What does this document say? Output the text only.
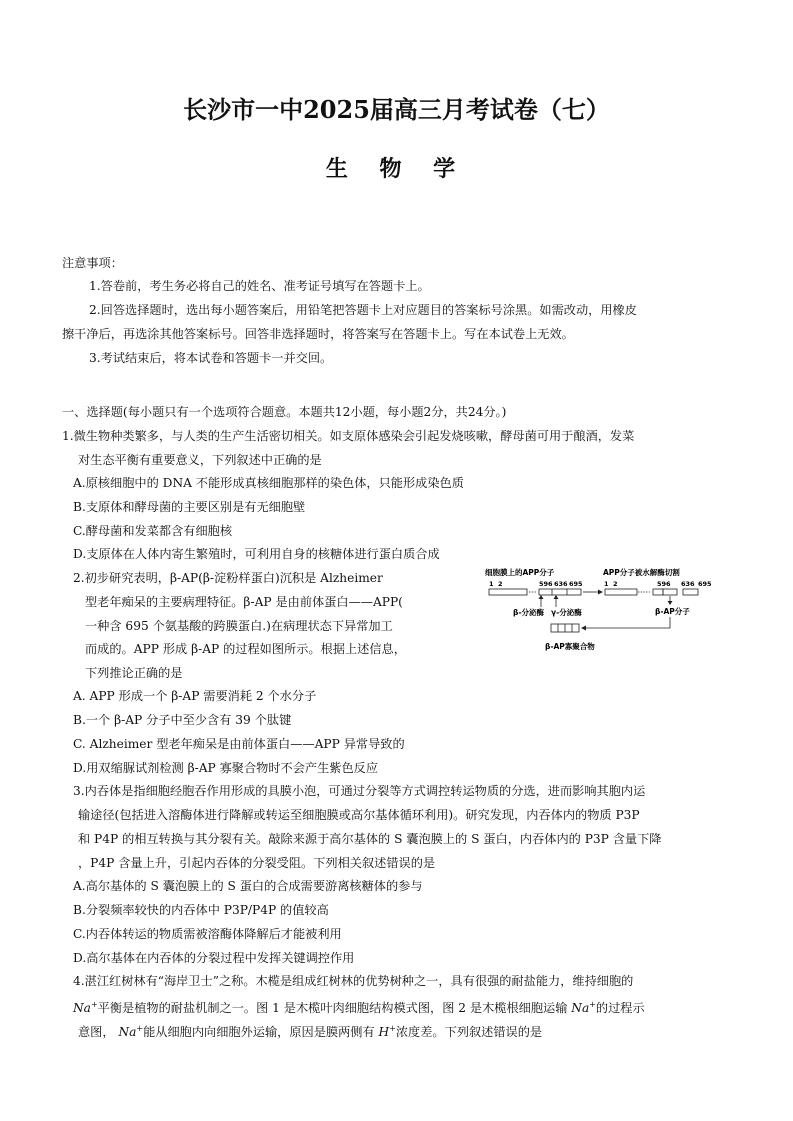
长沙市一中2025届高三月考试卷（七）
生 物 学
注意事项：
1.答卷前，考生务必将自己的姓名、准考证号填写在答题卡上。
2.回答选择题时，选出每小题答案后，用铅笔把答题卡上对应题目的答案标号涂黑。如需改动，用橡皮
擦干净后，再选涂其他答案标号。回答非选择题时，将答案写在答题卡上。写在本试卷上无效。
3.考试结束后，将本试卷和答题卡一并交回。
一、选择题(每小题只有一个选项符合题意。本题共12小题，每小题2分，共24分。)
1.微生物种类繁多，与人类的生产生活密切相关。如支原体感染会引起发烧咳嗽，酵母菌可用于酿酒，发菜
对生态平衡有重要意义，下列叙述中正确的是
A.原核细胞中的 DNA 不能形成真核细胞那样的染色体，只能形成染色质
B.支原体和酵母菌的主要区别是有无细胞壁
C.酵母菌和发菜都含有细胞核
D.支原体在人体内寄生繁殖时，可利用自身的核糖体进行蛋白质合成
2.初步研究表明，β-AP(β-淀粉样蛋白)沉积是 Alzheimer
型老年痴呆的主要病理特征。β-AP 是由前体蛋白——APP(
一种含 695 个氨基酸的跨膜蛋白.)在病理状态下异常加工
而成的。APP 形成 β-AP 的过程如图所示。根据上述信息，
下列推论正确的是
A. APP 形成一个 β-AP 需要消耗 2 个水分子
B.一个 β-AP 分子中至少含有 39 个肽键
C. Alzheimer 型老年痴呆是由前体蛋白——APP 异常导致的
D.用双缩脲试剂检测 β-AP 寡聚合物时不会产生紫色反应
细胞膜上的APP分子	APP分子被水解酶切割
1 2	596 636 695	1 2	596 636 695
β-分泌酶 γ-分泌酶	β-AP分子
β-AP寡聚合物
3.内吞体是指细胞经胞吞作用形成的具膜小泡，可通过分裂等方式调控转运物质的分选，进而影响其胞内运
输途径(包括进入溶酶体进行降解或转运至细胞膜或高尔基体循环利用)。研究发现，内吞体内的物质 P3P
和 P4P 的相互转换与其分裂有关。敲除来源于高尔基体的 S 囊泡膜上的 S 蛋白，内吞体内的 P3P 含量下降
，P4P 含量上升，引起内吞体的分裂受阻。下列相关叙述错误的是
A.高尔基体的 S 囊泡膜上的 S 蛋白的合成需要游离核糖体的参与
B.分裂频率较快的内吞体中 P3P/P4P 的值较高
C.内吞体转运的物质需被溶酶体降解后才能被利用
D.高尔基体在内吞体的分裂过程中发挥关键调控作用
4.湛江红树林有“海岸卫士”之称。木榄是组成红树林的优势树种之一，具有很强的耐盐能力，维持细胞的
Na+平衡是植物的耐盐机制之一。图 1 是木榄叶肉细胞结构模式图，图 2 是木榄根细胞运输 Na+的过程示
意图， Na+能从细胞内向细胞外运输，原因是膜两侧有 H+浓度差。下列叙述错误的是
